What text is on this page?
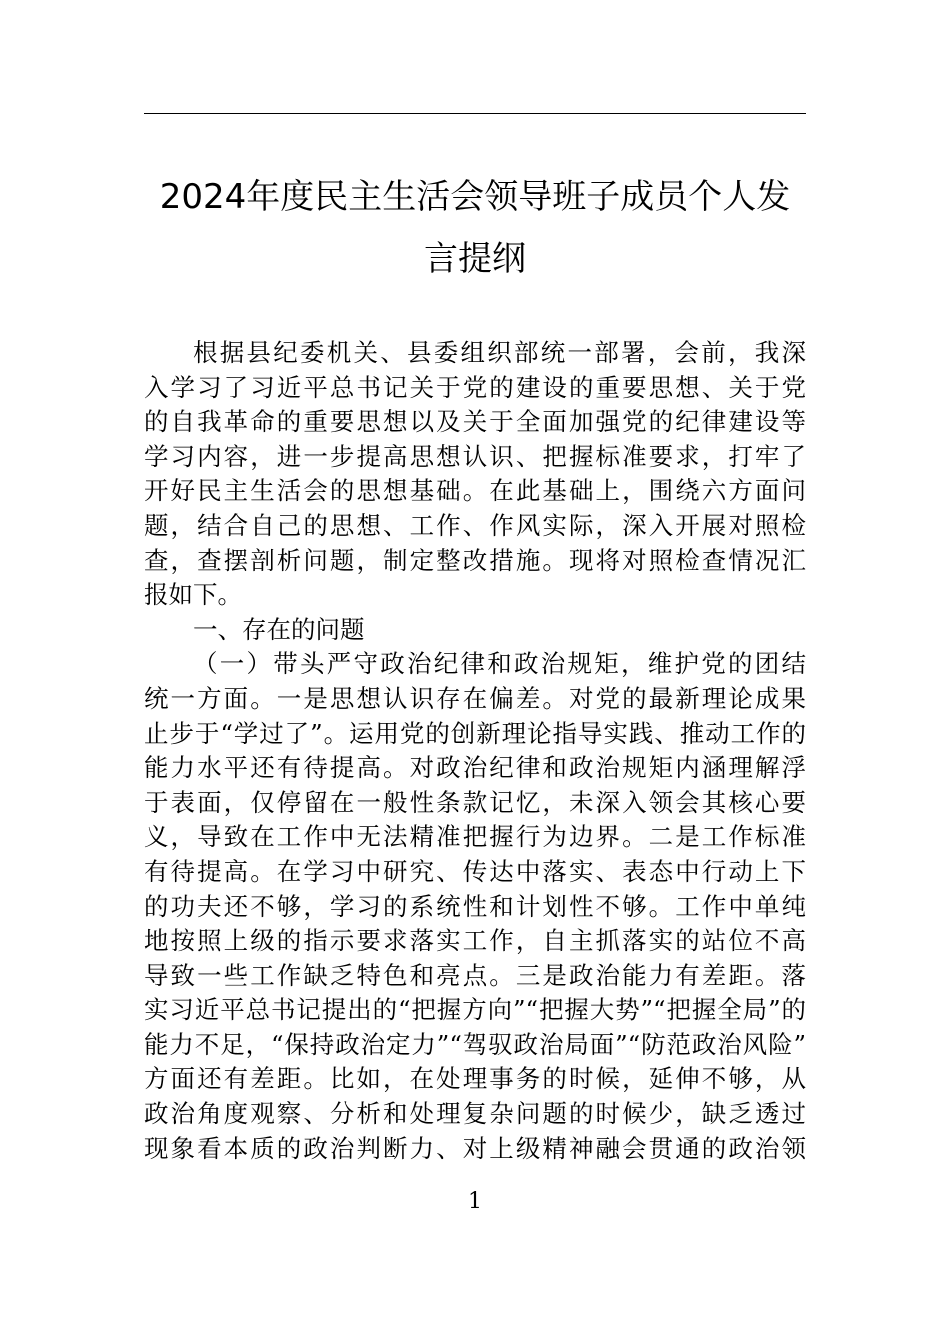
2024年度民主生活会领导班子成员个人发
言提纲
根据县纪委机关、县委组织部统一部署，会前，我深
入学习了习近平总书记关于党的建设的重要思想、关于党
的自我革命的重要思想以及关于全面加强党的纪律建设等
学习内容，进一步提高思想认识、把握标准要求，打牢了
开好民主生活会的思想基础。在此基础上，围绕六方面问
题，结合自己的思想、工作、作风实际，深入开展对照检
查，查摆剖析问题，制定整改措施。现将对照检查情况汇
报如下。
一、存在的问题
（一）带头严守政治纪律和政治规矩，维护党的团结
统一方面。一是思想认识存在偏差。对党的最新理论成果
止步于“学过了”。运用党的创新理论指导实践、推动工作的
能力水平还有待提高。对政治纪律和政治规矩内涵理解浮
于表面，仅停留在一般性条款记忆，未深入领会其核心要
义，导致在工作中无法精准把握行为边界。二是工作标准
有待提高。在学习中研究、传达中落实、表态中行动上下
的功夫还不够，学习的系统性和计划性不够。工作中单纯
地按照上级的指示要求落实工作，自主抓落实的站位不高
导致一些工作缺乏特色和亮点。三是政治能力有差距。落
实习近平总书记提出的“把握方向”“把握大势”“把握全局”的
能力不足，“保持政治定力”“驾驭政治局面”“防范政治风险”
方面还有差距。比如，在处理事务的时候，延伸不够，从
政治角度观察、分析和处理复杂问题的时候少，缺乏透过
现象看本质的政治判断力、对上级精神融会贯通的政治领
1
